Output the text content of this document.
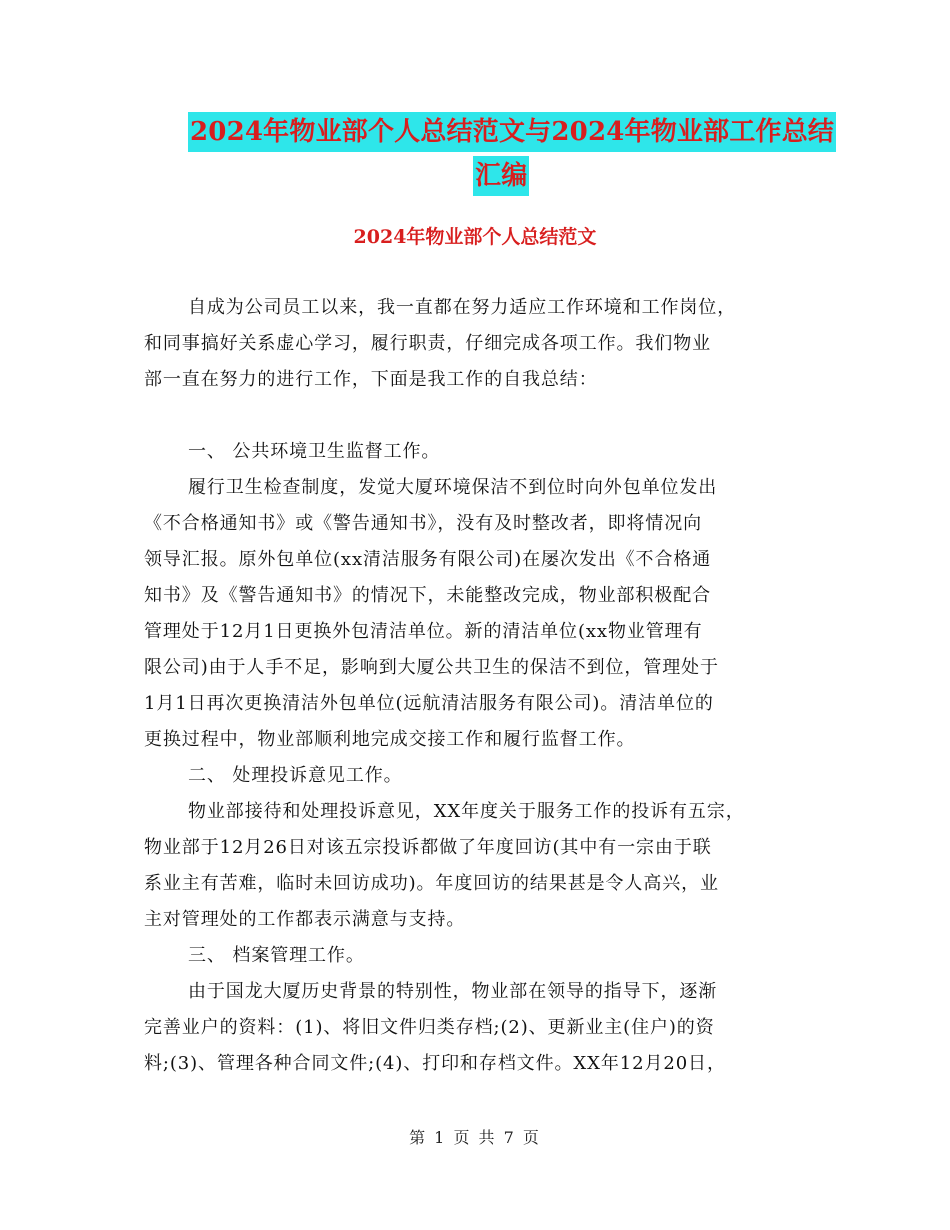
2024年物业部个人总结范文与2024年物业部工作总结
汇编
2024年物业部个人总结范文
自成为公司员工以来，我一直都在努力适应工作环境和工作岗位，
和同事搞好关系虚心学习，履行职责，仔细完成各项工作。我们物业
部一直在努力的进行工作，下面是我工作的自我总结：
一、 公共环境卫生监督工作。
履行卫生检查制度，发觉大厦环境保洁不到位时向外包单位发出
《不合格通知书》或《警告通知书》，没有及时整改者，即将情况向
领导汇报。原外包单位(xx清洁服务有限公司)在屡次发出《不合格通
知书》及《警告通知书》的情况下，未能整改完成，物业部积极配合
管理处于12月1日更换外包清洁单位。新的清洁单位(xx物业管理有
限公司)由于人手不足，影响到大厦公共卫生的保洁不到位，管理处于
1月1日再次更换清洁外包单位(远航清洁服务有限公司)。清洁单位的
更换过程中，物业部顺利地完成交接工作和履行监督工作。
二、 处理投诉意见工作。
物业部接待和处理投诉意见，XX年度关于服务工作的投诉有五宗，
物业部于12月26日对该五宗投诉都做了年度回访(其中有一宗由于联
系业主有苦难，临时未回访成功)。年度回访的结果甚是令人高兴，业
主对管理处的工作都表示满意与支持。
三、 档案管理工作。
由于国龙大厦历史背景的特别性，物业部在领导的指导下，逐渐
完善业户的资料：(1)、将旧文件归类存档;(2)、更新业主(住户)的资
料;(3)、管理各种合同文件;(4)、打印和存档文件。XX年12月20日，
第 1 页 共 7 页
